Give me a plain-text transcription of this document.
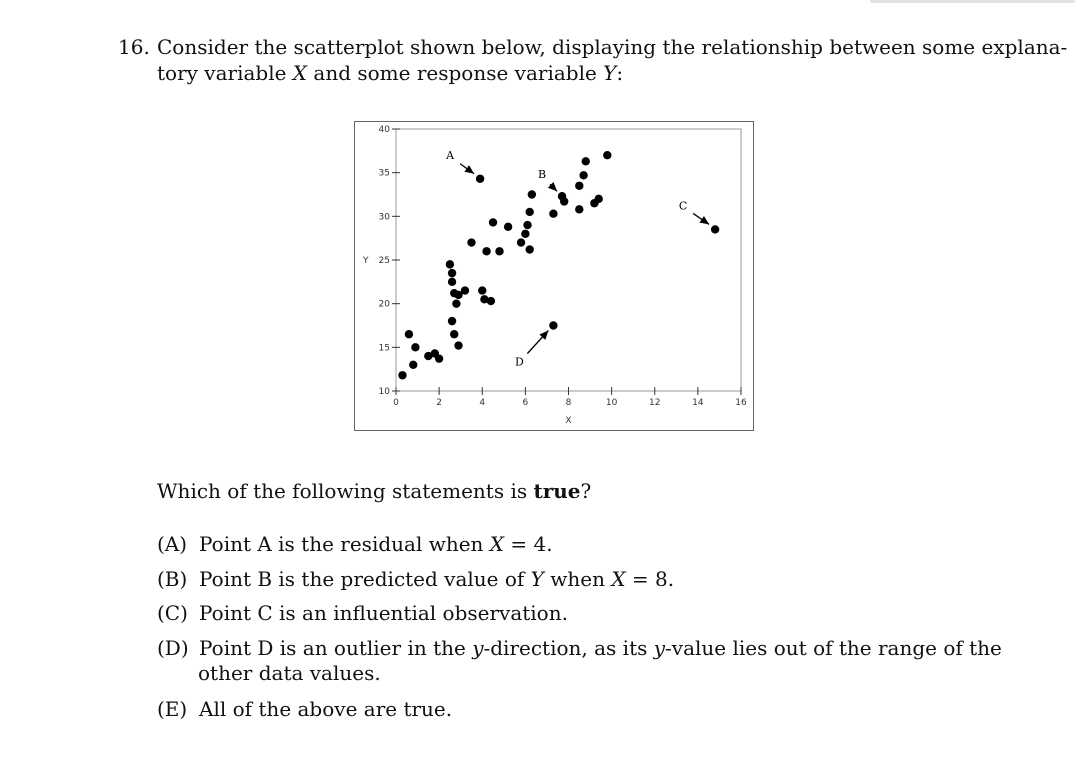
16. Consider the scatterplot shown below, displaying the relationship between some explana-
tory variable X and some response variable Y:
0	2	4	6	8	10	12	14	16
40
35
30
25
20
15
10
X
Y
A
B
C
D
Which of the following statements is true?
(A) Point A is the residual when X = 4.
(B) Point B is the predicted value of Y when X = 8.
(C) Point C is an influential observation.
(D) Point D is an outlier in the y-direction, as its y-value lies out of the range of the
other data values.
(E) All of the above are true.
